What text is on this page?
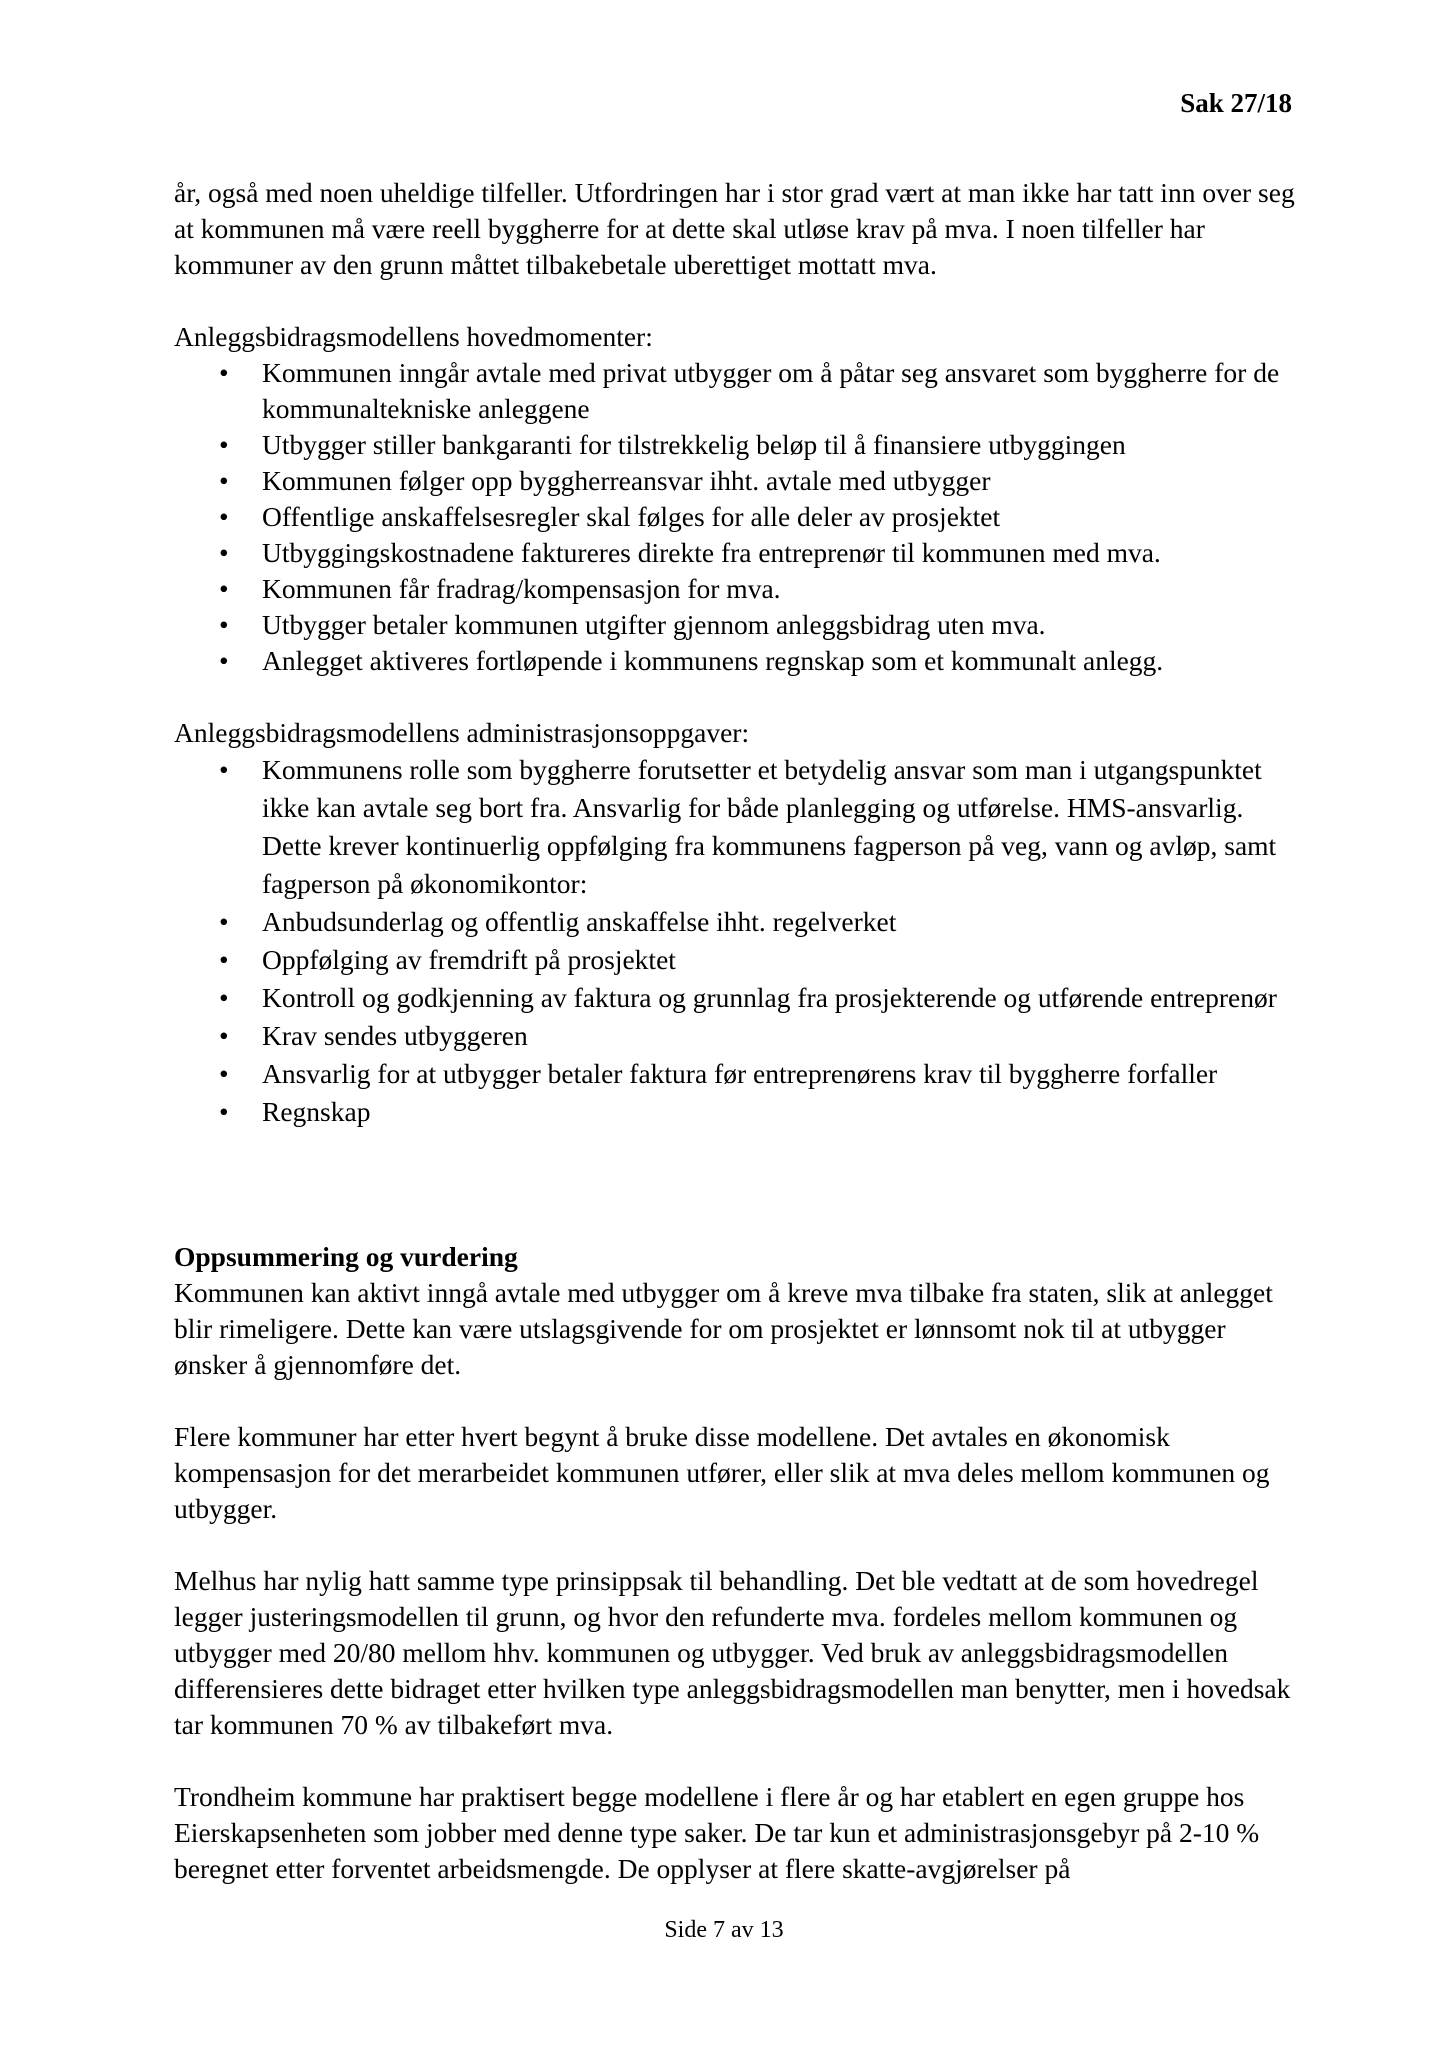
Sak 27/18

år, også med noen uheldige tilfeller. Utfordringen har i stor grad vært at man ikke har tatt inn over seg at kommunen må være reell byggherre for at dette skal utløse krav på mva. I noen tilfeller har kommuner av den grunn måttet tilbakebetale uberettiget mottatt mva.

Anleggsbidragsmodellens hovedmomenter:

• Kommunen inngår avtale med privat utbygger om å påtar seg ansvaret som byggherre for de kommunaltekniske anleggene
• Utbygger stiller bankgaranti for tilstrekkelig beløp til å finansiere utbyggingen
• Kommunen følger opp byggherreansvar ihht. avtale med utbygger
• Offentlige anskaffelsesregler skal følges for alle deler av prosjektet
• Utbyggingskostnadene faktureres direkte fra entreprenør til kommunen med mva.
• Kommunen får fradrag/kompensasjon for mva.
• Utbygger betaler kommunen utgifter gjennom anleggsbidrag uten mva.
• Anlegget aktiveres fortløpende i kommunens regnskap som et kommunalt anlegg.

Anleggsbidragsmodellens administrasjonsoppgaver:

• Kommunens rolle som byggherre forutsetter et betydelig ansvar som man i utgangspunktet ikke kan avtale seg bort fra. Ansvarlig for både planlegging og utførelse. HMS-ansvarlig. Dette krever kontinuerlig oppfølging fra kommunens fagperson på veg, vann og avløp, samt fagperson på økonomikontor:
• Anbudsunderlag og offentlig anskaffelse ihht. regelverket
• Oppfølging av fremdrift på prosjektet
• Kontroll og godkjenning av faktura og grunnlag fra prosjekterende og utførende entreprenør
• Krav sendes utbyggeren
• Ansvarlig for at utbygger betaler faktura før entreprenørens krav til byggherre forfaller
• Regnskap

Oppsummering og vurdering

Kommunen kan aktivt inngå avtale med utbygger om å kreve mva tilbake fra staten, slik at anlegget blir rimeligere. Dette kan være utslagsgivende for om prosjektet er lønnsomt nok til at utbygger ønsker å gjennomføre det.

Flere kommuner har etter hvert begynt å bruke disse modellene. Det avtales en økonomisk kompensasjon for det merarbeidet kommunen utfører, eller slik at mva deles mellom kommunen og utbygger.

Melhus har nylig hatt samme type prinsippsak til behandling. Det ble vedtatt at de som hovedregel legger justeringsmodellen til grunn, og hvor den refunderte mva. fordeles mellom kommunen og utbygger med 20/80 mellom hhv. kommunen og utbygger. Ved bruk av anleggsbidragsmodellen differensieres dette bidraget etter hvilken type anleggsbidragsmodellen man benytter, men i hovedsak tar kommunen 70 % av tilbakeført mva.

Trondheim kommune har praktisert begge modellene i flere år og har etablert en egen gruppe hos Eierskapsenheten som jobber med denne type saker. De tar kun et administrasjonsgebyr på 2-10 % beregnet etter forventet arbeidsmengde. De opplyser at flere skatte-avgjørelser på

Side 7 av 13
